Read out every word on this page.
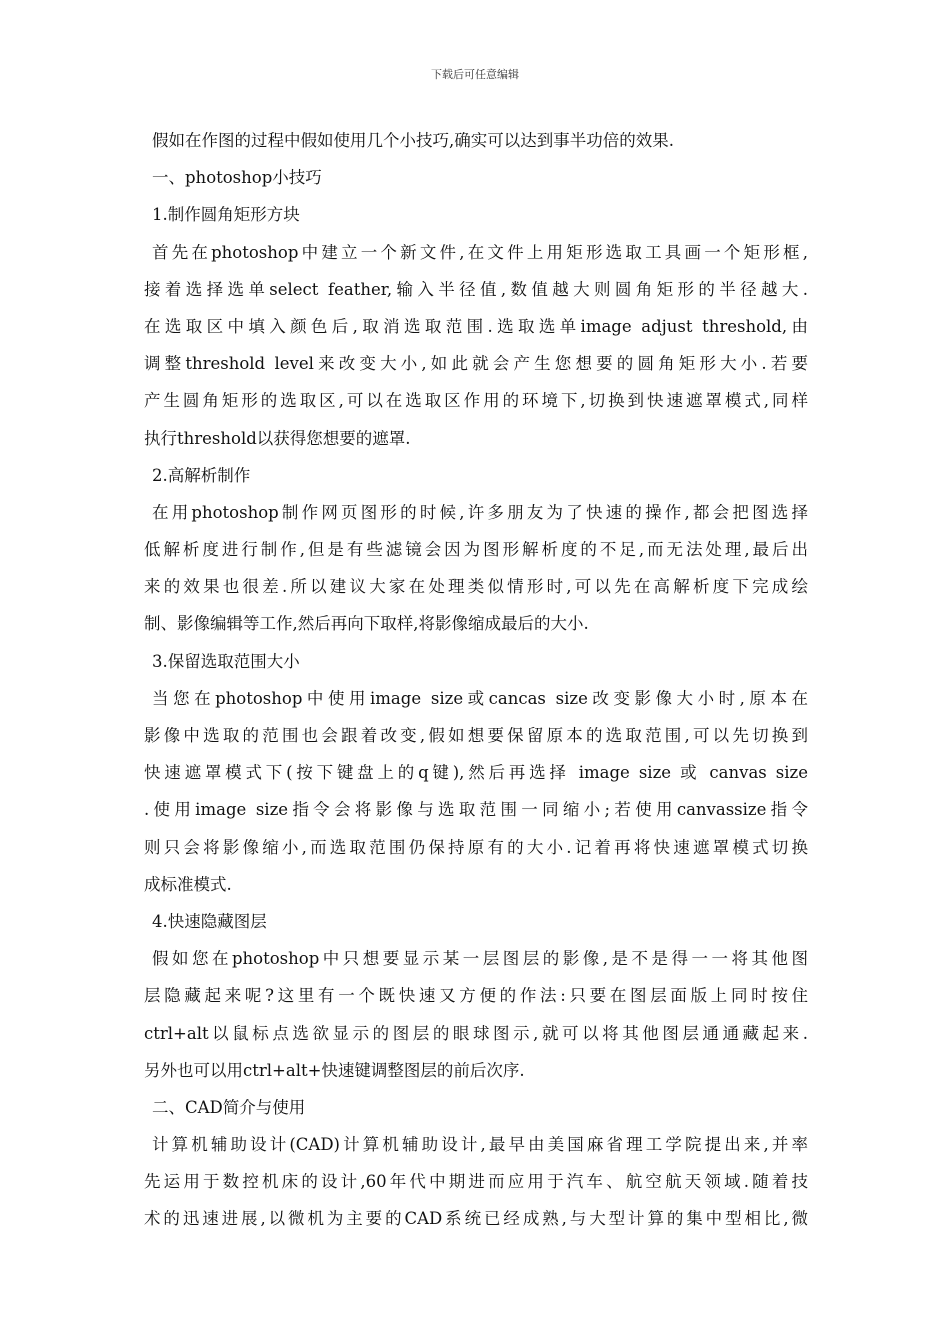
下载后可任意编辑
假如在作图的过程中假如使用几个小技巧,确实可以达到事半功倍的效果.
一、photoshop小技巧
1.制作圆角矩形方块
首先在photoshop中建立一个新文件,在文件上用矩形选取工具画一个矩形框,
接着选择选单select feather,输入半径值,数值越大则圆角矩形的半径越大.
在选取区中填入颜色后,取消选取范围.选取选单image adjust threshold,由
调整threshold level来改变大小,如此就会产生您想要的圆角矩形大小.若要
产生圆角矩形的选取区,可以在选取区作用的环境下,切换到快速遮罩模式,同样
执行threshold以获得您想要的遮罩.
2.高解析制作
在用photoshop制作网页图形的时候,许多朋友为了快速的操作,都会把图选择
低解析度进行制作,但是有些滤镜会因为图形解析度的不足,而无法处理,最后出
来的效果也很差.所以建议大家在处理类似情形时,可以先在高解析度下完成绘
制、影像编辑等工作,然后再向下取样,将影像缩成最后的大小.
3.保留选取范围大小
当您在photoshop中使用image size或cancas size改变影像大小时,原本在
影像中选取的范围也会跟着改变,假如想要保留原本的选取范围,可以先切换到
快速遮罩模式下(按下键盘上的q键),然后再选择 image size 或 canvas size
.使用image size指令会将影像与选取范围一同缩小;若使用canvassize指令
则只会将影像缩小,而选取范围仍保持原有的大小.记着再将快速遮罩模式切换
成标准模式.
4.快速隐藏图层
假如您在photoshop中只想要显示某一层图层的影像,是不是得一一将其他图
层隐藏起来呢?这里有一个既快速又方便的作法:只要在图层面版上同时按住
ctrl+alt以鼠标点选欲显示的图层的眼球图示,就可以将其他图层通通藏起来.
另外也可以用ctrl+alt+快速键调整图层的前后次序.
二、CAD简介与使用
计算机辅助设计(CAD)计算机辅助设计,最早由美国麻省理工学院提出来,并率
先运用于数控机床的设计,60年代中期进而应用于汽车、航空航天领域.随着技
术的迅速进展,以微机为主要的CAD系统已经成熟,与大型计算的集中型相比,微
